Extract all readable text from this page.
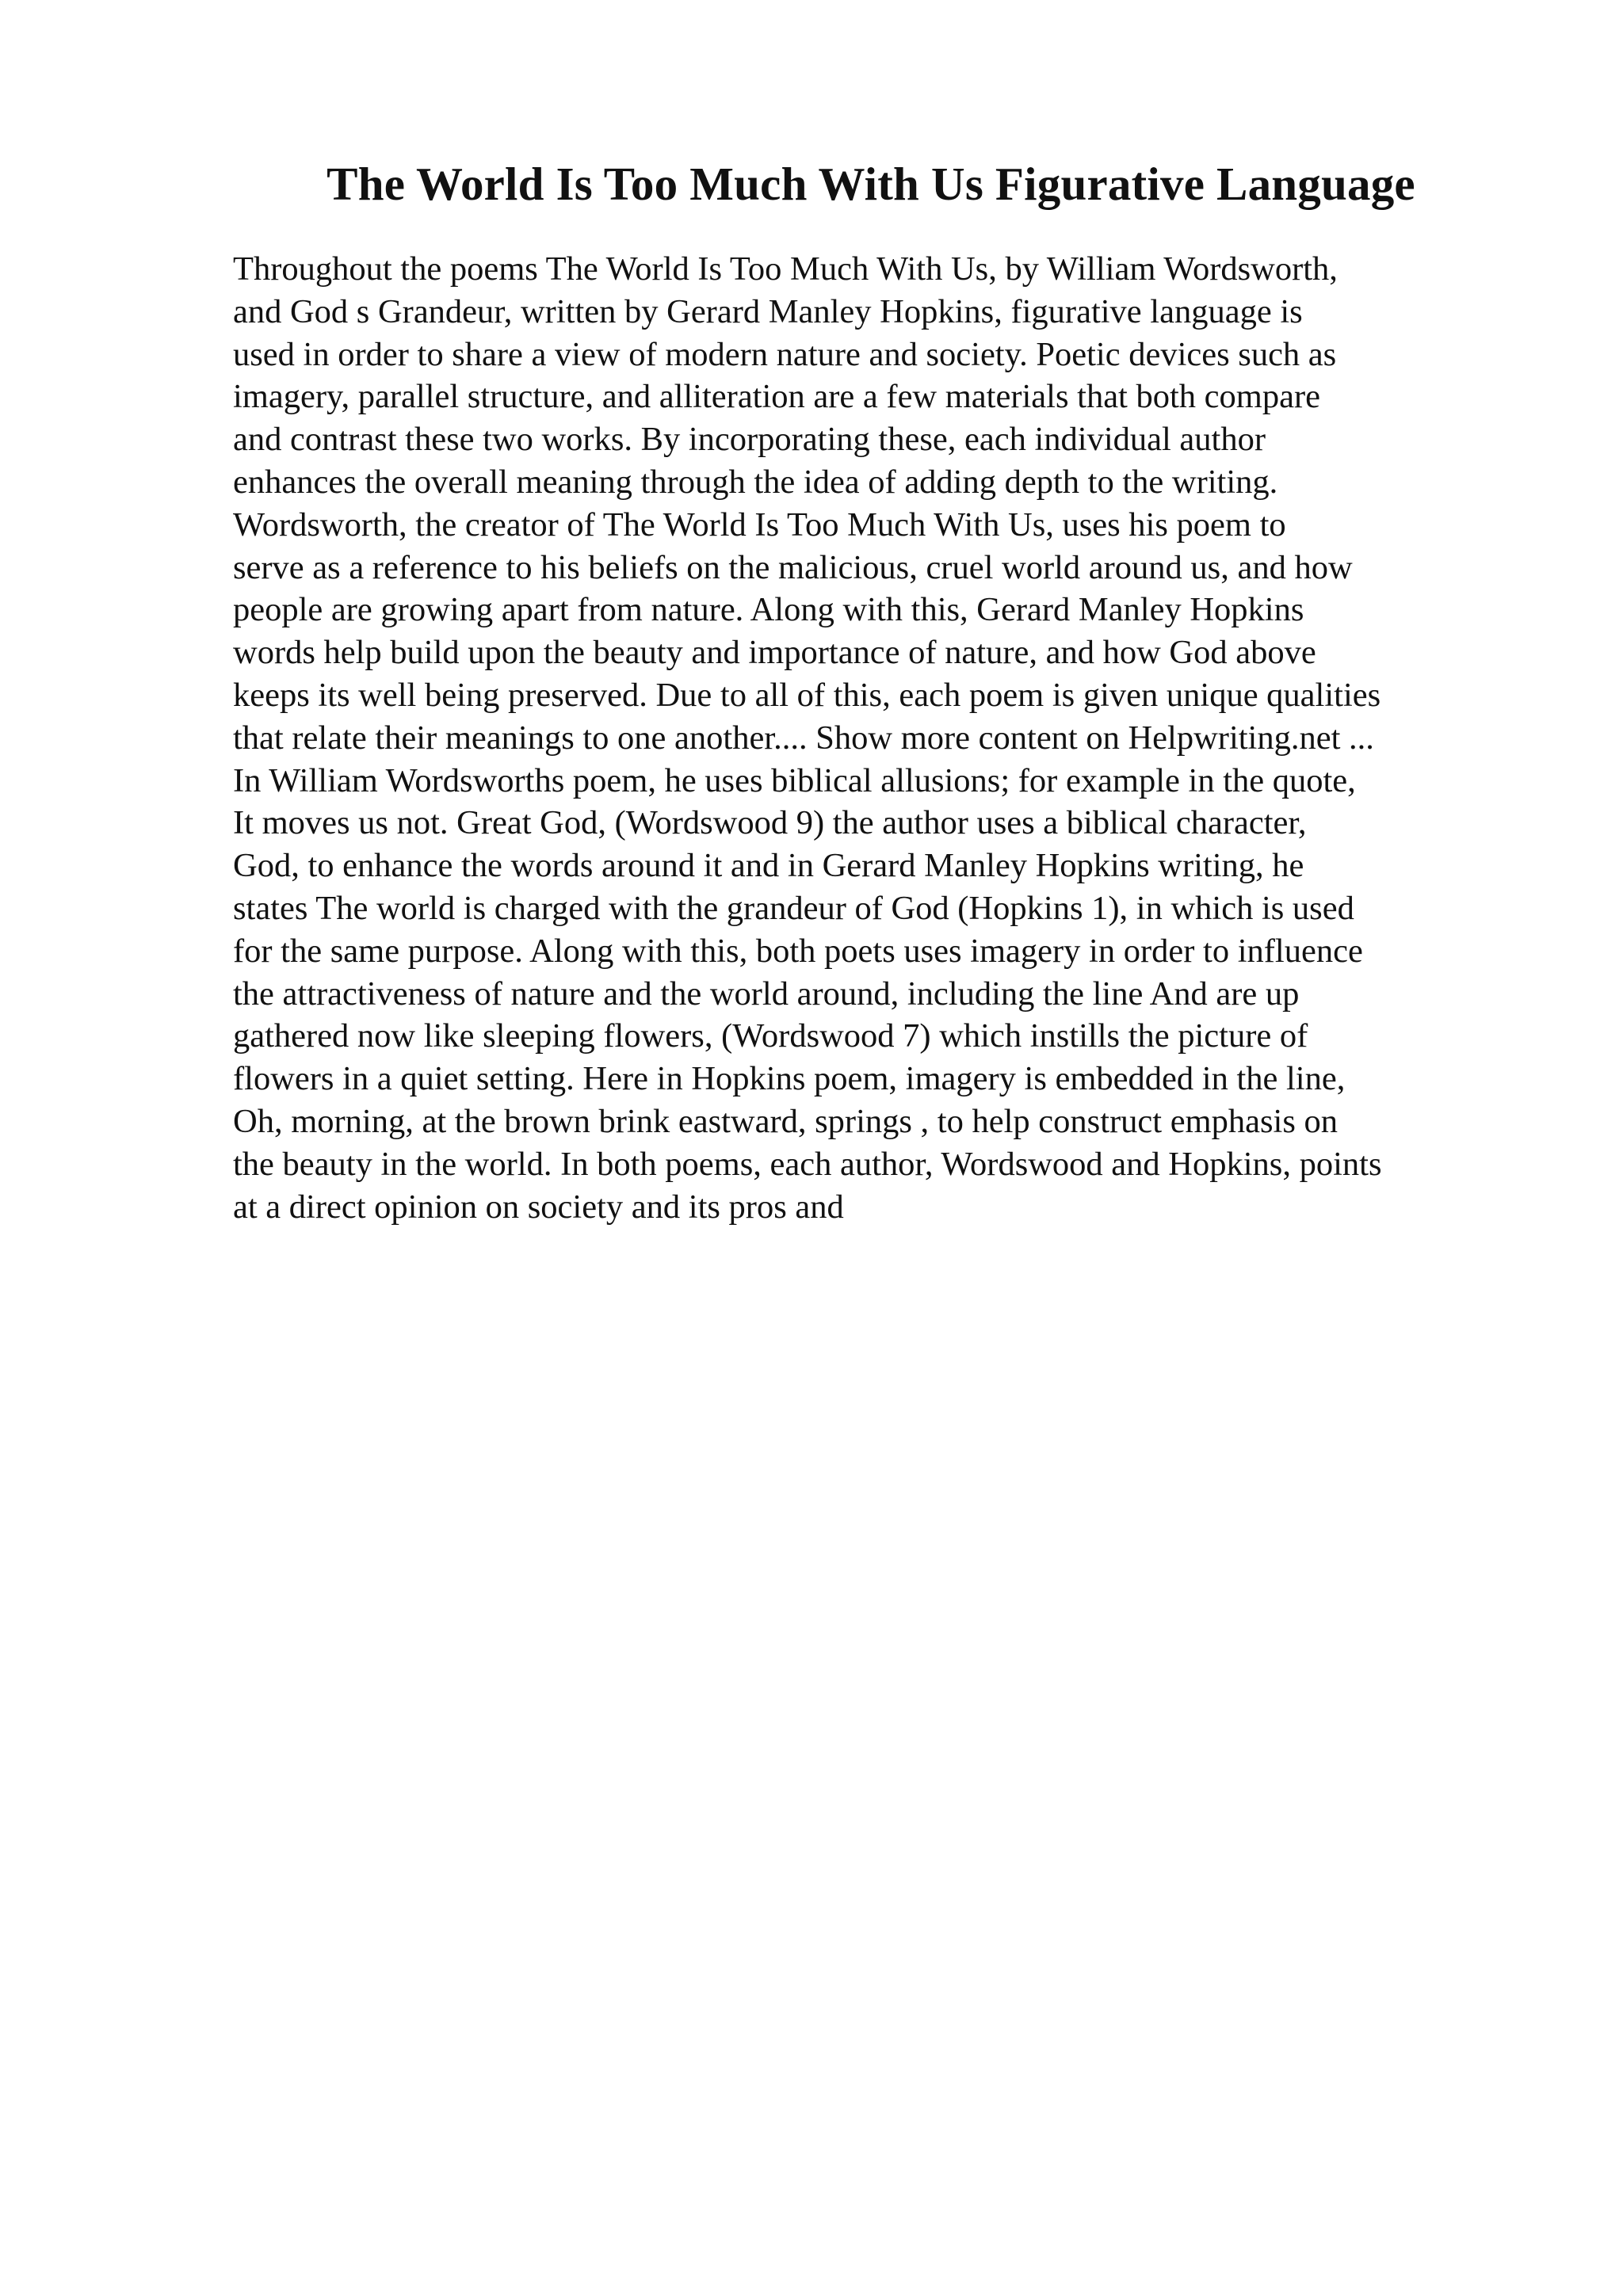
The World Is Too Much With Us Figurative Language
Throughout the poems The World Is Too Much With Us, by William Wordsworth,
and God s Grandeur, written by Gerard Manley Hopkins, figurative language is
used in order to share a view of modern nature and society. Poetic devices such as
imagery, parallel structure, and alliteration are a few materials that both compare
and contrast these two works. By incorporating these, each individual author
enhances the overall meaning through the idea of adding depth to the writing.
Wordsworth, the creator of The World Is Too Much With Us, uses his poem to
serve as a reference to his beliefs on the malicious, cruel world around us, and how
people are growing apart from nature. Along with this, Gerard Manley Hopkins
words help build upon the beauty and importance of nature, and how God above
keeps its well being preserved. Due to all of this, each poem is given unique qualities
that relate their meanings to one another.... Show more content on Helpwriting.net ...
In William Wordsworths poem, he uses biblical allusions; for example in the quote,
It moves us not. Great God, (Wordswood 9) the author uses a biblical character,
God, to enhance the words around it and in Gerard Manley Hopkins writing, he
states The world is charged with the grandeur of God (Hopkins 1), in which is used
for the same purpose. Along with this, both poets uses imagery in order to influence
the attractiveness of nature and the world around, including the line And are up
gathered now like sleeping flowers, (Wordswood 7) which instills the picture of
flowers in a quiet setting. Here in Hopkins poem, imagery is embedded in the line,
Oh, morning, at the brown brink eastward, springs , to help construct emphasis on
the beauty in the world. In both poems, each author, Wordswood and Hopkins, points
at a direct opinion on society and its pros and
